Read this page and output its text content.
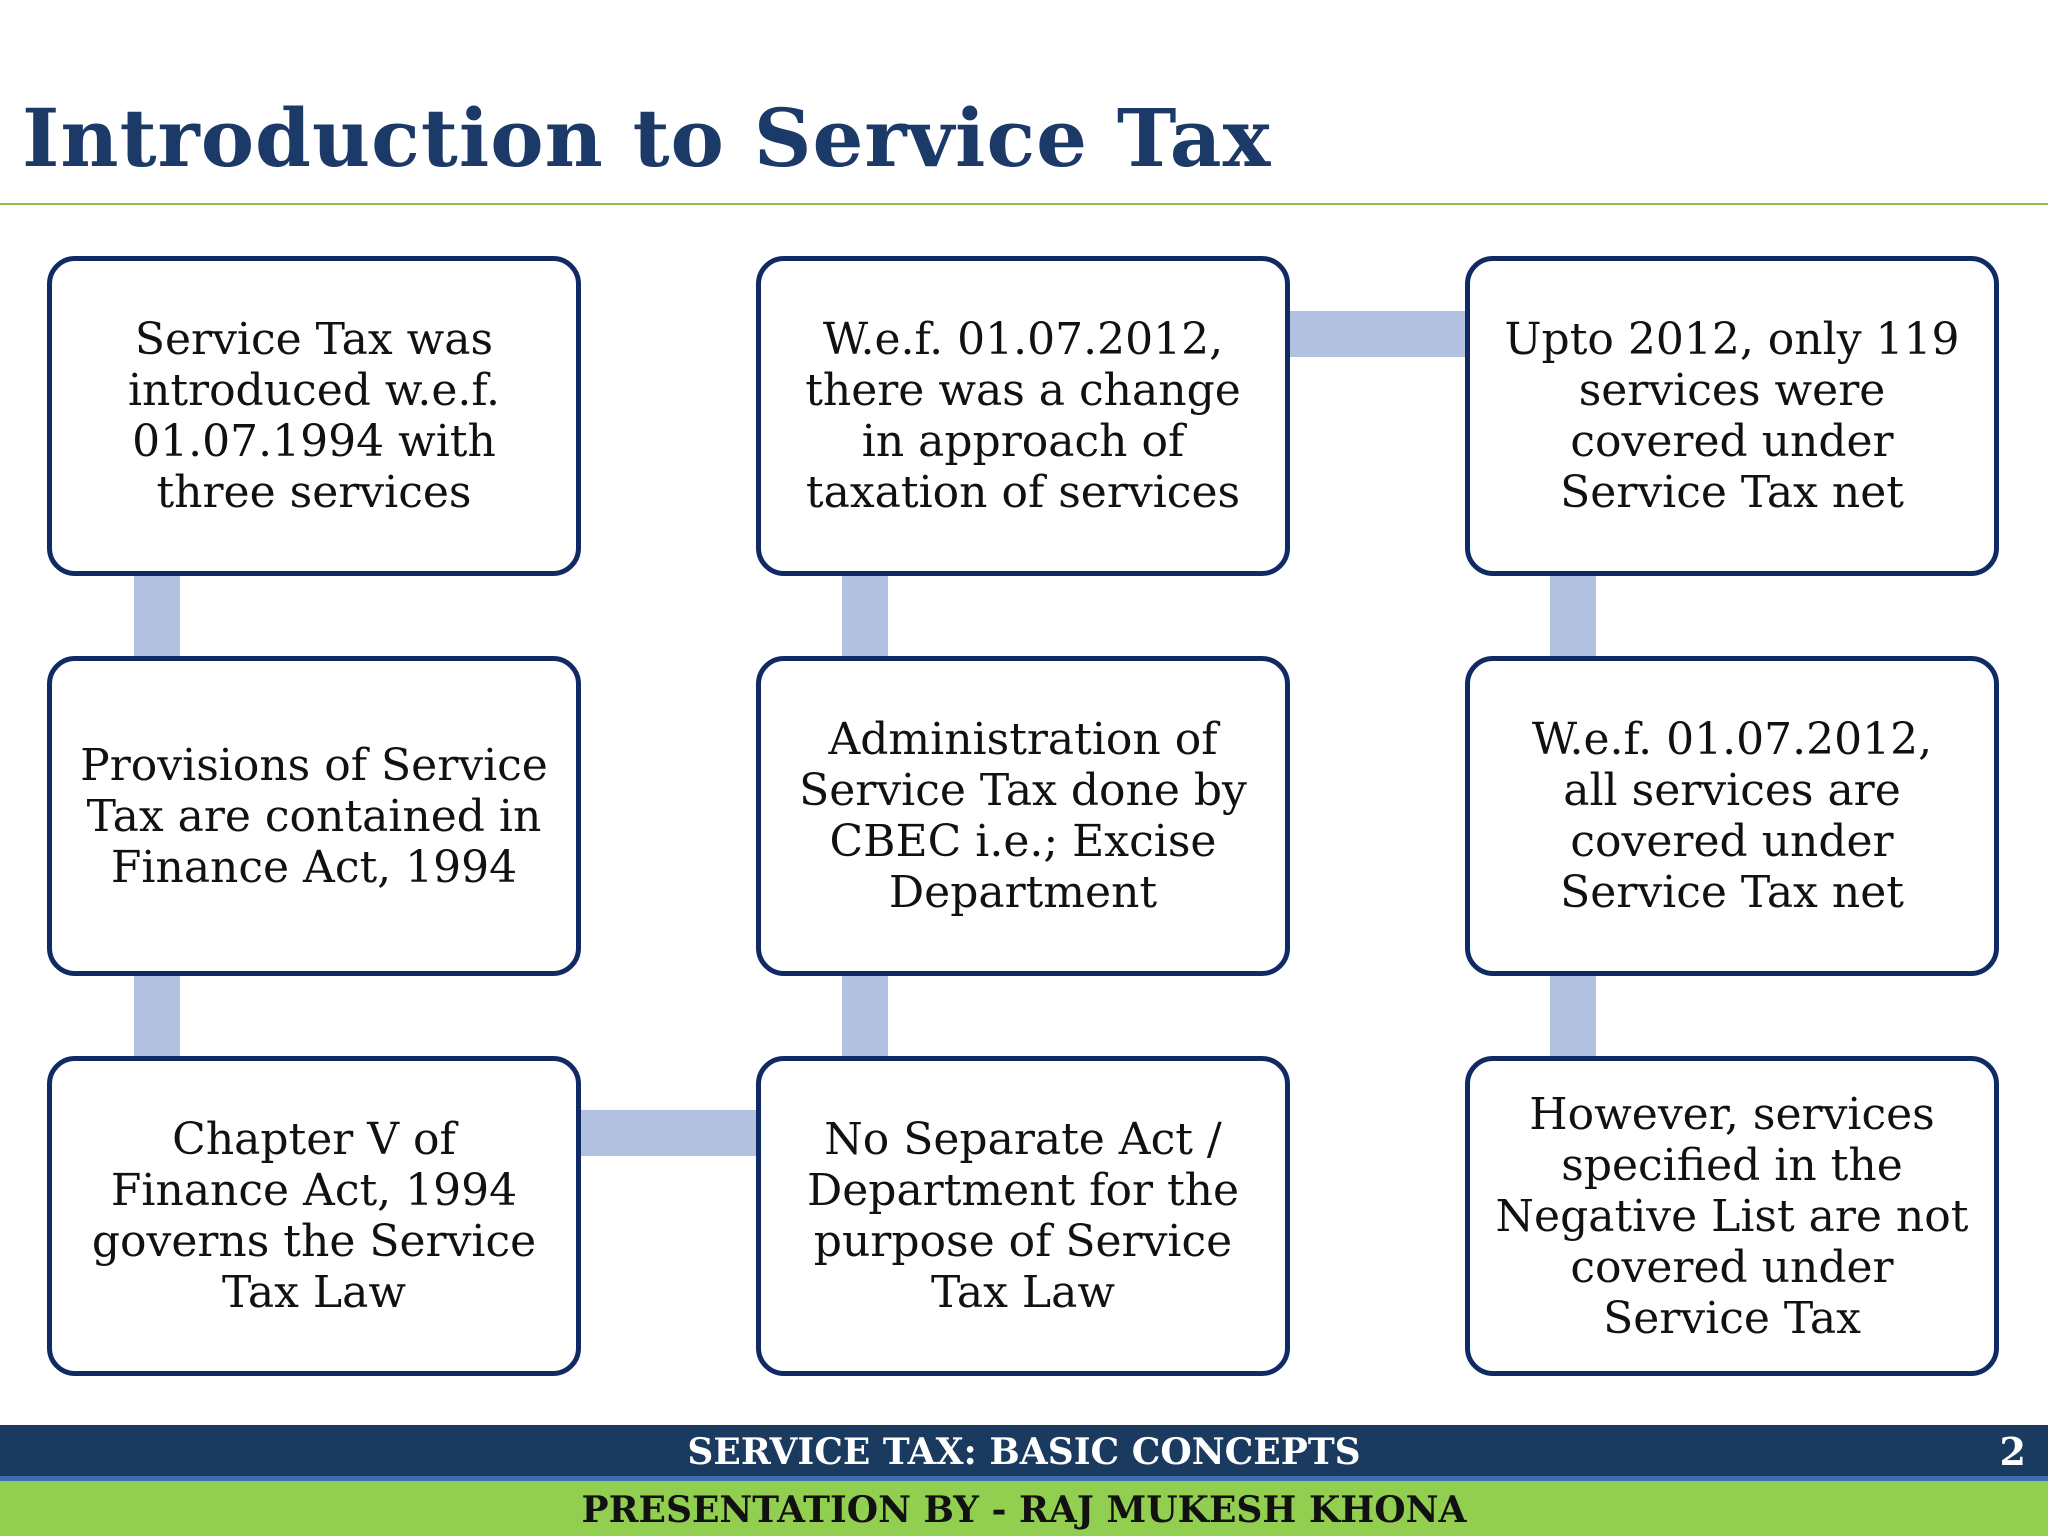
Introduction to Service Tax
Service Tax was
introduced w.e.f.
01.07.1994 with
three services
Provisions of Service
Tax are contained in
Finance Act, 1994
Chapter V of
Finance Act, 1994
governs the Service
Tax Law
No Separate Act /
Department for the
purpose of Service
Tax Law
Administration of
Service Tax done by
CBEC i.e.; Excise
Department
W.e.f. 01.07.2012,
there was a change
in approach of
taxation of services
Upto 2012, only 119
services were
covered under
Service Tax net
W.e.f. 01.07.2012,
all services are
covered under
Service Tax net
However, services
specified in the
Negative List are not
covered under
Service Tax
SERVICE TAX: BASIC CONCEPTS	2
PRESENTATION BY - RAJ MUKESH KHONA
